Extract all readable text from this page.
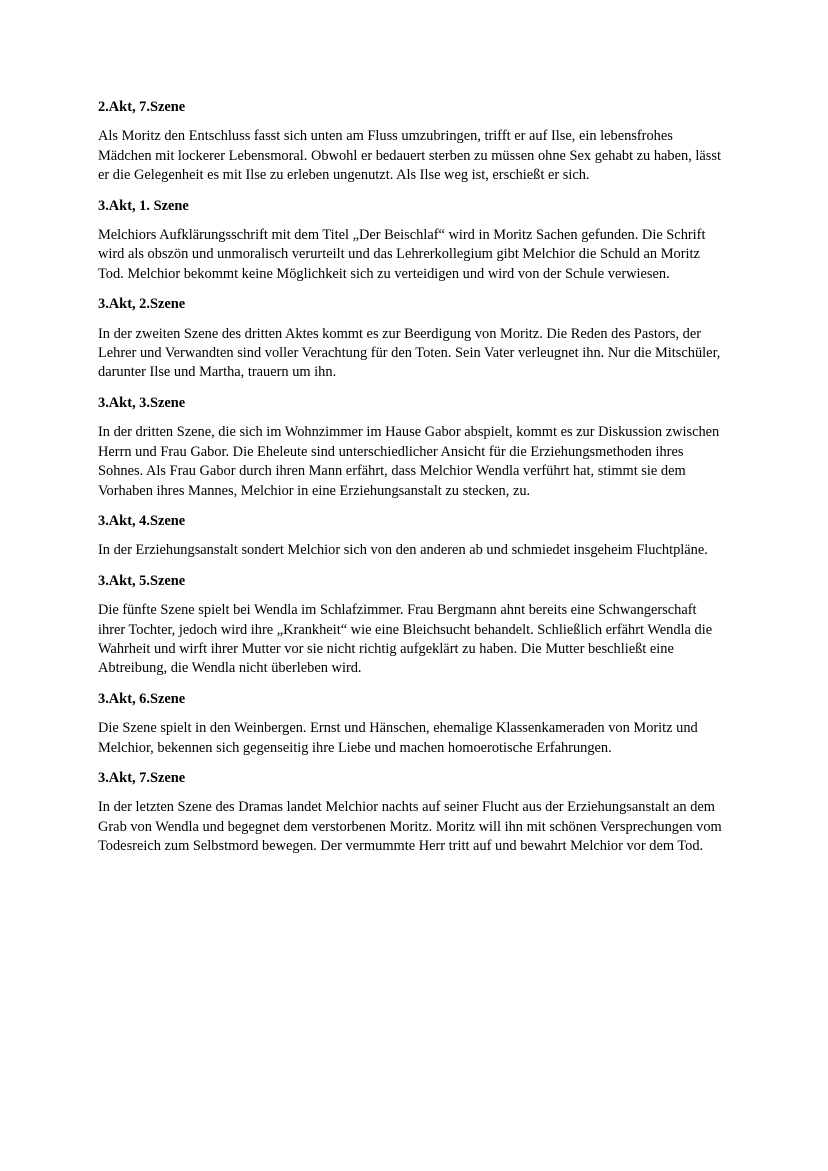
2.Akt, 7.Szene
Als Moritz den Entschluss fasst sich unten am Fluss umzubringen, trifft er auf Ilse, ein lebensfrohes Mädchen mit lockerer Lebensmoral. Obwohl er bedauert sterben zu müssen ohne Sex gehabt zu haben, lässt er die Gelegenheit es mit Ilse zu erleben ungenutzt. Als Ilse weg ist, erschießt er sich.
3.Akt, 1. Szene
Melchiors Aufklärungsschrift mit dem Titel „Der Beischlaf“ wird in Moritz Sachen gefunden. Die Schrift wird als obszön und unmoralisch verurteilt und das Lehrerkollegium gibt Melchior die Schuld an Moritz Tod. Melchior bekommt keine Möglichkeit sich zu verteidigen und wird von der Schule verwiesen.
3.Akt, 2.Szene
In der zweiten Szene des dritten Aktes kommt es zur Beerdigung von Moritz. Die Reden des Pastors, der Lehrer und Verwandten sind voller Verachtung für den Toten. Sein Vater verleugnet ihn. Nur die Mitschüler, darunter Ilse und Martha, trauern um ihn.
3.Akt, 3.Szene
In der dritten Szene, die sich im Wohnzimmer im Hause Gabor abspielt, kommt es zur Diskussion zwischen Herrn und Frau Gabor. Die Eheleute sind unterschiedlicher Ansicht für die Erziehungsmethoden ihres Sohnes. Als Frau Gabor durch ihren Mann erfährt, dass Melchior Wendla verführt hat, stimmt sie dem Vorhaben ihres Mannes, Melchior in eine Erziehungsanstalt zu stecken, zu.
3.Akt, 4.Szene
In der Erziehungsanstalt sondert Melchior sich von den anderen ab und schmiedet insgeheim Fluchtpläne.
3.Akt, 5.Szene
Die fünfte Szene spielt bei Wendla im Schlafzimmer. Frau Bergmann ahnt bereits eine Schwangerschaft ihrer Tochter, jedoch wird ihre „Krankheit“ wie eine Bleichsucht behandelt. Schließlich erfährt Wendla die Wahrheit und wirft ihrer Mutter vor sie nicht richtig aufgeklärt zu haben. Die Mutter beschließt eine Abtreibung, die Wendla nicht überleben wird.
3.Akt, 6.Szene
Die Szene spielt in den Weinbergen. Ernst und Hänschen, ehemalige Klassenkameraden von Moritz und Melchior, bekennen sich gegenseitig ihre Liebe und machen homoerotische Erfahrungen.
3.Akt, 7.Szene
In der letzten Szene des Dramas landet Melchior nachts auf seiner Flucht aus der Erziehungsanstalt an dem Grab von Wendla und begegnet dem verstorbenen Moritz. Moritz will ihn mit schönen Versprechungen vom Todesreich zum Selbstmord bewegen. Der vermummte Herr tritt auf und bewahrt Melchior vor dem Tod.
